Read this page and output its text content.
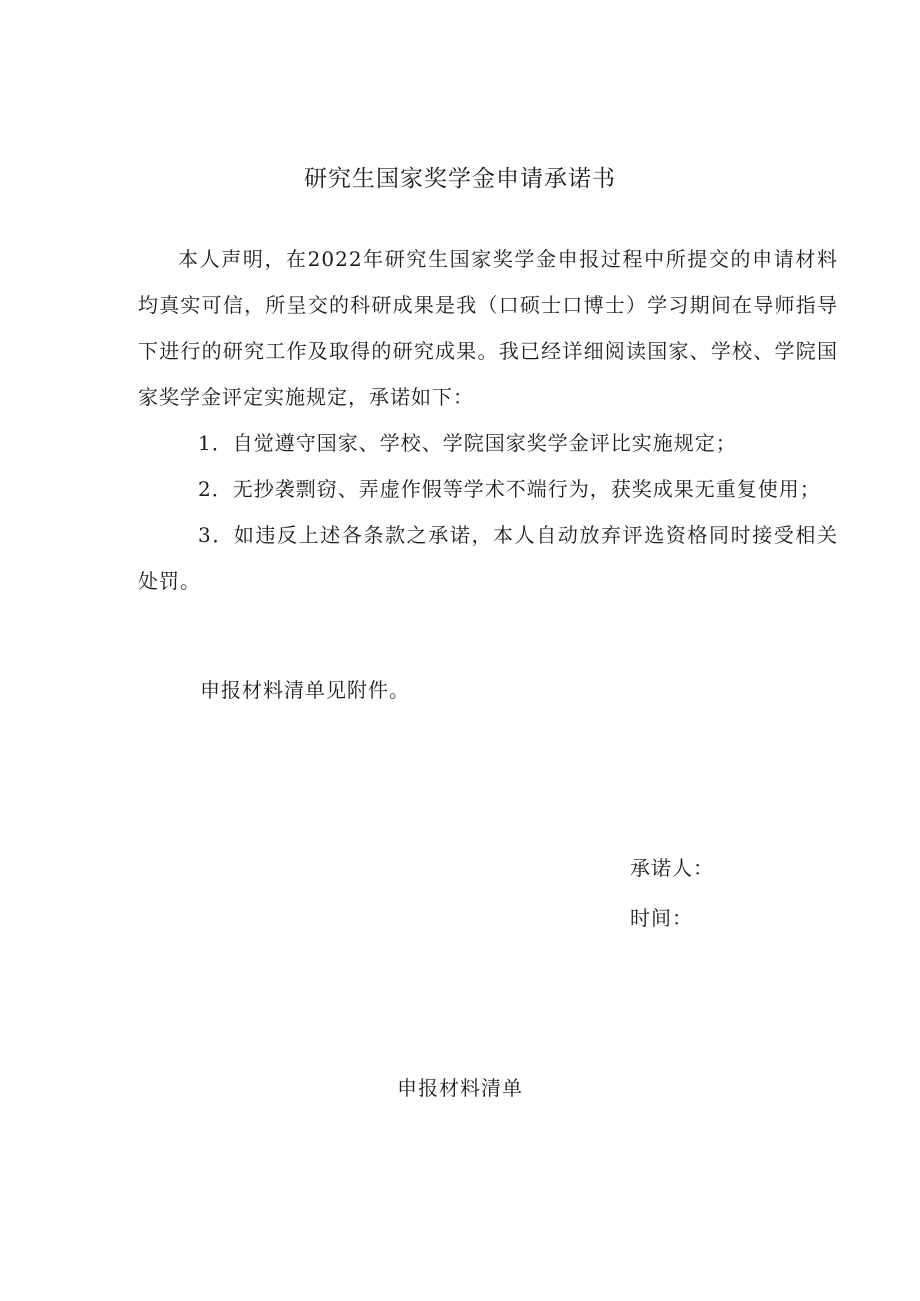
研究生国家奖学金申请承诺书

本人声明，在2022年研究生国家奖学金申报过程中所提交的申请材料均真实可信，所呈交的科研成果是我（口硕士口博士）学习期间在导师指导下进行的研究工作及取得的研究成果。我已经详细阅读国家、学校、学院国家奖学金评定实施规定，承诺如下：

1．自觉遵守国家、学校、学院国家奖学金评比实施规定；

2．无抄袭剽窃、弄虚作假等学术不端行为，获奖成果无重复使用；

3．如违反上述各条款之承诺，本人自动放弃评选资格同时接受相关处罚。

申报材料清单见附件。

承诺人：

时间：

申报材料清单
